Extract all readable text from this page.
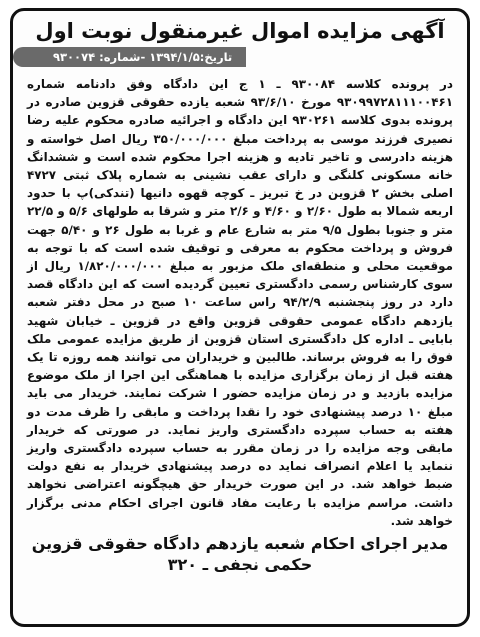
آگهی مزایده اموال غیرمنقول نوبت اول
تاریخ:۱۳۹۴/۱/۵ -شماره: ۹۳۰۰۷۴

در پرونده کلاسه ۹۳۰۰۸۴ ـ ۱ ج این دادگاه وفق دادنامه شماره ۹۳۰۹۹۷۲۸۱۱۱۰۰۴۶۱ مورخ ۹۳/۶/۱۰ شعبه یازده حقوقی قزوین صادره در پرونده بدوی کلاسه ۹۳۰۲۶۱ این دادگاه و اجرائیه صادره محکوم علیه رضا نصیری فرزند موسی به پرداخت مبلغ ۳۵۰/۰۰۰/۰۰۰ ریال اصل خواسته و هزینه دادرسی و تاخیر تادیه و هزینه اجرا محکوم شده است و ششدانگ خانه مسکونی کلنگی و دارای عقب نشینی به شماره پلاک ثبتی ۴۷۲۷ اصلی بخش ۲ قزوین در خ تبریز ـ کوچه قهوه دانیها (تندکی)پ با حدود اربعه شمالا به طول ۲/۶۰ و ۴/۶۰ و ۲/۶ متر و شرقا به طولهای ۵/۶ و ۲۲/۵ متر و جنوبا بطول ۹/۵ متر به شارع عام و غربا به طول ۲۶ و ۵/۴۰ جهت فروش و پرداخت محکوم به معرفی و توقیف شده است که با توجه به موقعیت محلی و منطقه‌ای ملک مزبور به مبلغ ۱/۸۲۰/۰۰۰/۰۰۰ ریال از سوی کارشناس رسمی دادگستری تعیین گردیده است که این دادگاه قصد دارد در روز پنجشنبه ۹۴/۲/۹ راس ساعت ۱۰ صبح در محل دفتر شعبه یازدهم دادگاه عمومی حقوقی قزوین واقع در قزوین ـ خیابان شهید بابایی ـ اداره کل دادگستری استان قزوین از طریق مزایده عمومی ملک فوق را به فروش برساند. طالبین و خریداران می توانند همه روزه تا یک هفته قبل از زمان برگزاری مزایده با هماهنگی این اجرا از ملک موضوع مزایده بازدید و در زمان مزایده حضور ا شرکت نمایند. خریدار می باید مبلغ ۱۰ درصد پیشنهادی خود را نقدا پرداخت و مابقی را ظرف مدت دو هفته به حساب سپرده دادگستری واریز نماید. در صورتی که خریدار مابقی وجه مزایده را در زمان مقرر به حساب سپرده دادگستری واریز ننماید یا اعلام انصراف نماید ده درصد پیشنهادی خریدار به نفع دولت ضبط خواهد شد. در این صورت خریدار حق هیچگونه اعتراضی نخواهد داشت. مراسم مزایده با رعایت مفاد قانون اجرای احکام مدنی برگزار خواهد شد.

مدیر اجرای احکام شعبه یازدهم دادگاه حقوقی قزوین

حکمی نجفی ـ ۳۲۰
